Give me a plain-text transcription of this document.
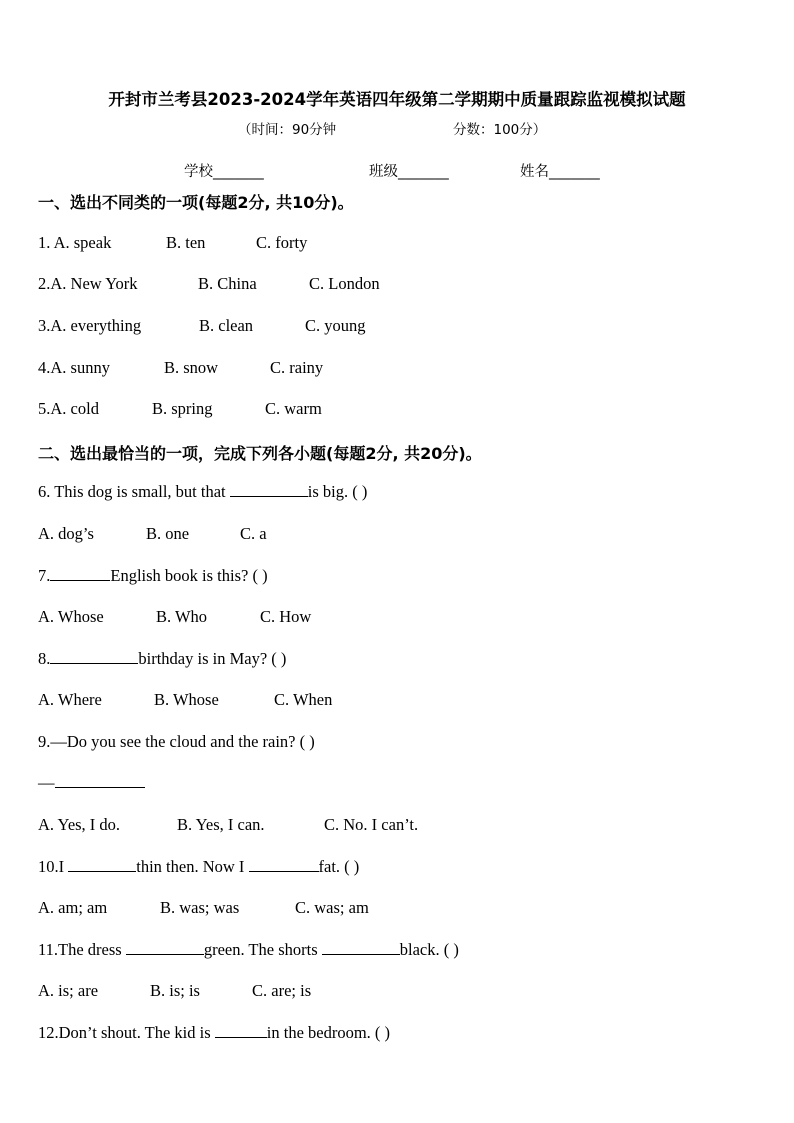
开封市兰考县2023-2024学年英语四年级第二学期期中质量跟踪监视模拟试题
（时间：90分钟	分数：100分）
学校_______	班级_______	姓名_______
一、选出不同类的一项(每题2分, 共10分)。
1. A. speak	B. ten	C. forty
2.A. New York	B. China	C. London
3.A. everything	B. clean	C. young
4.A. sunny	B. snow	C. rainy
5.A. cold	B. spring	C. warm
二、选出最恰当的一项，完成下列各小题(每题2分, 共20分)。
6. This dog is small, but that	is big. ( )
A. dog’s	B. one	C. a
7.	English book is this? ( )
A. Whose	B. Who	C. How
8.	birthday is in May? ( )
A. Where	B. Whose	C. When
9.—Do you see the cloud and the rain? ( )
—
A. Yes, I do.	B. Yes, I can.	C. No. I can’t.
10.I	thin then. Now I	fat. ( )
A. am; am	B. was; was	C. was; am
11.The dress	green. The shorts	black. ( )
A. is; are	B. is; is	C. are; is
12.Don’t shout. The kid is	in the bedroom. ( )
